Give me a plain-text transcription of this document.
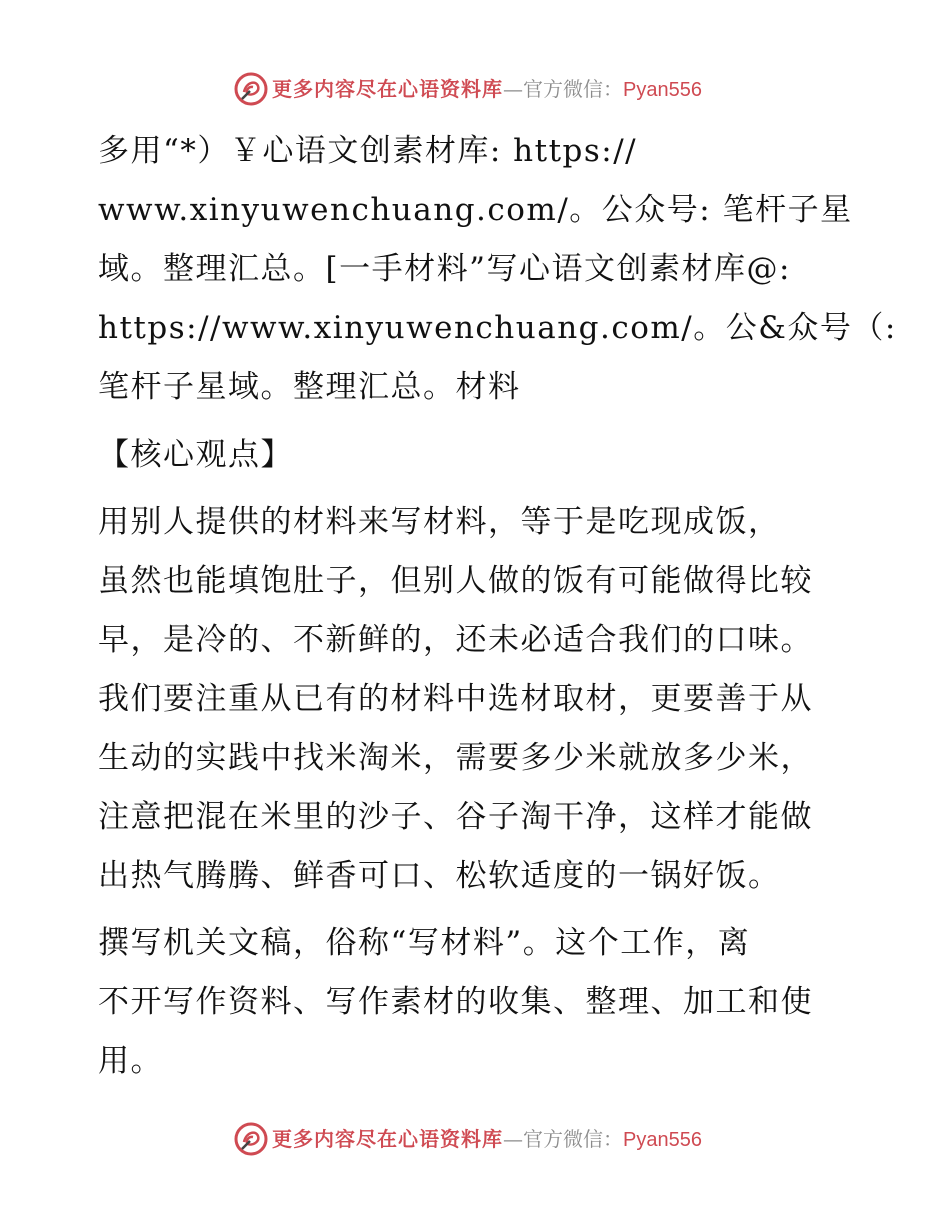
更多内容尽在心语资料库—官方微信：Pyan556

多用“*）￥心语文创素材库: https://
www.xinyuwenchuang.com/。公众号: 笔杆子星
域。整理汇总。[一手材料”写心语文创素材库@:
https://www.xinyuwenchuang.com/。公&众号（:
笔杆子星域。整理汇总。材料

【核心观点】

用别人提供的材料来写材料，等于是吃现成饭，
虽然也能填饱肚子，但别人做的饭有可能做得比较
早，是冷的、不新鲜的，还未必适合我们的口味。
我们要注重从已有的材料中选材取材，更要善于从
生动的实践中找米淘米，需要多少米就放多少米，
注意把混在米里的沙子、谷子淘干净，这样才能做
出热气腾腾、鲜香可口、松软适度的一锅好饭。

撰写机关文稿，俗称“写材料”。这个工作，离
不开写作资料、写作素材的收集、整理、加工和使
用。

更多内容尽在心语资料库—官方微信：Pyan556
